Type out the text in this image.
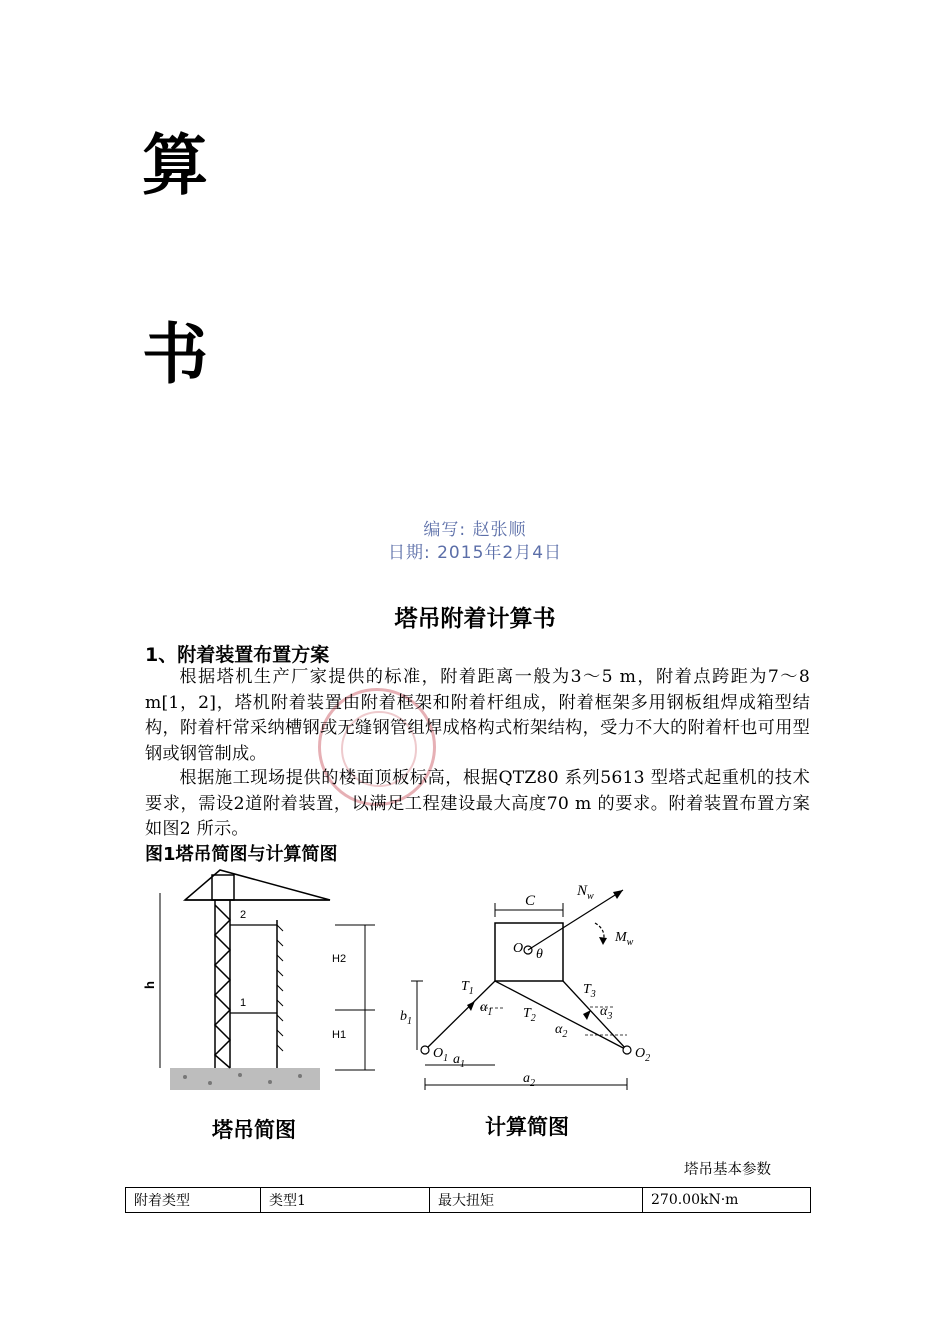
算
书
编写: 赵张顺
日期: 2015年2月4日
塔吊附着计算书
1、附着装置布置方案
根据塔机生产厂家提供的标准，附着距离一般为3～5 m，附着点跨距为7～8 m[1，2]，塔机附着装置由附着框架和附着杆组成，附着框架多用钢板组焊成箱型结构，附着杆常采纳槽钢或无缝钢管组焊成格构式桁架结构，受力不大的附着杆也可用型钢或钢管制成。
根据施工现场提供的楼面顶板标高，根据QTZ80 系列5613 型塔式起重机的技术要求，需设2道附着装置，以满足工程建设最大高度70 m 的要求。附着装置布置方案如图2 所示。
图1塔吊简图与计算简图
2
1
h
H2
H1
C
O θ
$N_w$
$M_w$
$T_1$
$\alpha_1$ $T_2$
$\alpha_2$
$T_3$
$\alpha_3$
$b_1$
$O_1$	$O_2$
$a_1$
$a_2$
塔吊简图	计算简图
塔吊基本参数
附着类型	类型1	最大扭矩	270.00kN·m
